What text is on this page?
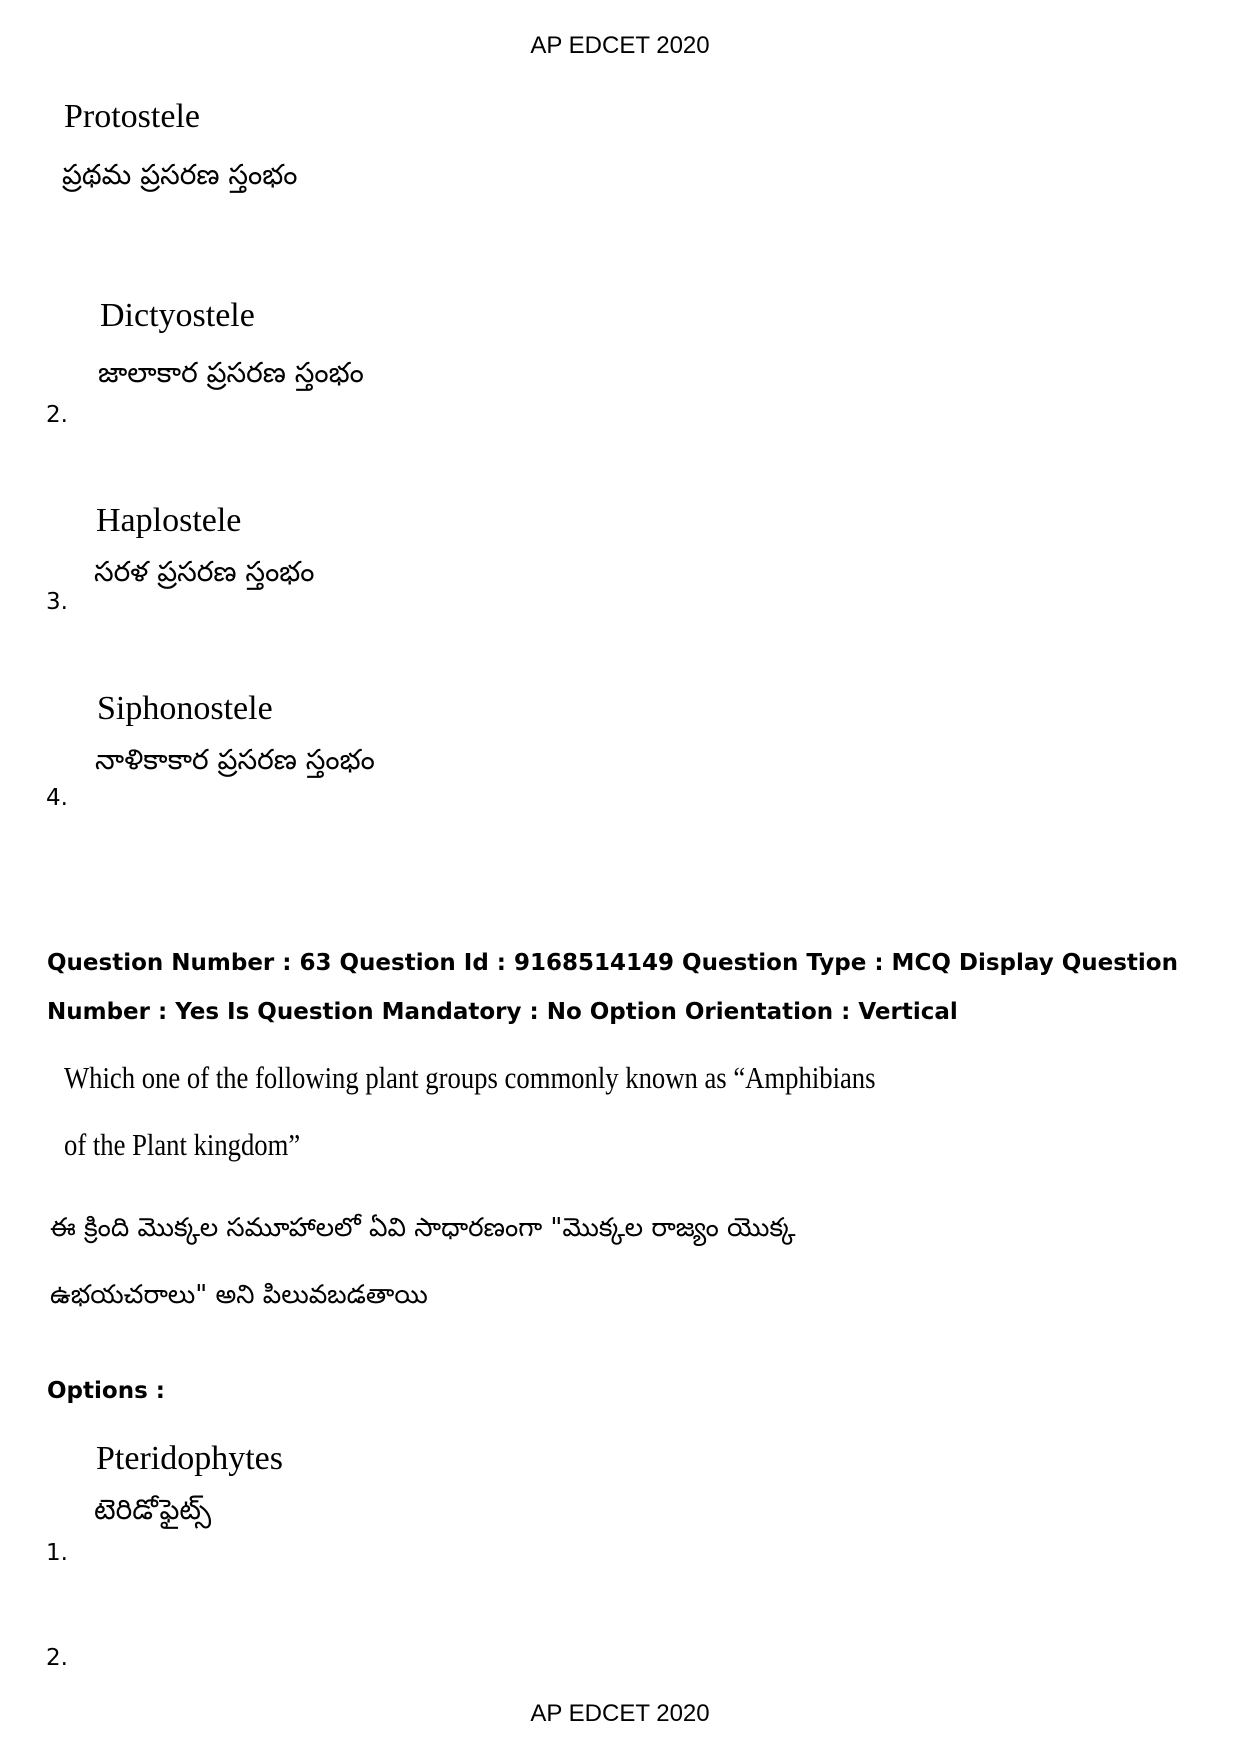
AP EDCET 2020
Protostele
ప్రథమ ప్రసరణ స్తంభం
Dictyostele
జాలాకార ప్రసరణ స్తంభం
2.
Haplostele
సరళ ప్రసరణ స్తంభం
3.
Siphonostele
నాళికాకార ప్రసరణ స్తంభం
4.
Question Number : 63 Question Id : 9168514149 Question Type : MCQ Display Question
Number : Yes Is Question Mandatory : No Option Orientation : Vertical
Which one of the following plant groups commonly known as “Amphibians
of the Plant kingdom”
ఈ క్రింది మొక్కల సమూహాలలో ఏవి సాధారణంగా "మొక్కల రాజ్యం యొక్క
ఉభయచరాలు" అని పిలువబడతాయి
Options :
Pteridophytes
టెరిడోఫైట్స్
1.
2.
AP EDCET 2020
